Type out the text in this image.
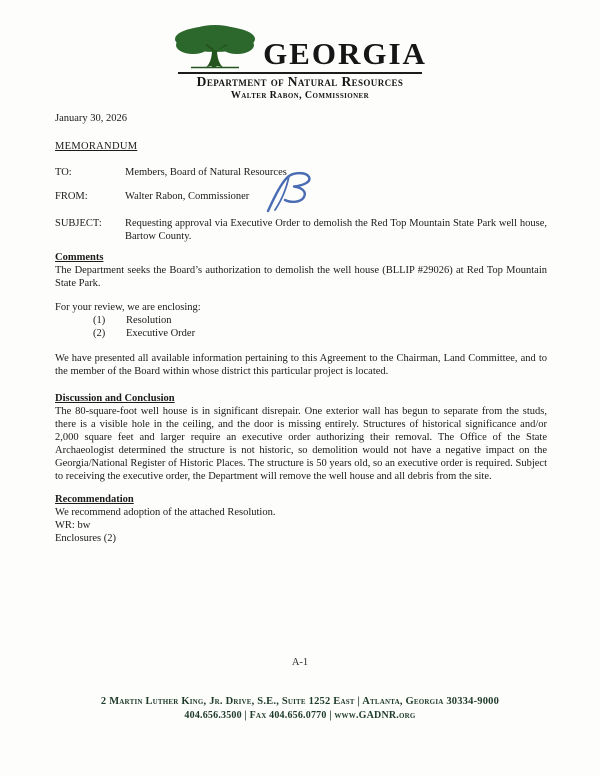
GEORGIA
Department of Natural Resources
Walter Rabon, Commissioner
January 30, 2026
MEMORANDUM
TO:	Members, Board of Natural Resources
FROM:	Walter Rabon, Commissioner
SUBJECT:	Requesting approval via Executive Order to demolish the Red Top Mountain State Park well house, Bartow County.
Comments
The Department seeks the Board’s authorization to demolish the well house (BLLIP #29026) at Red Top Mountain State Park.
For your review, we are enclosing:
(1)	Resolution
(2)	Executive Order
We have presented all available information pertaining to this Agreement to the Chairman, Land Committee, and to the member of the Board within whose district this particular project is located.
Discussion and Conclusion
The 80-square-foot well house is in significant disrepair. One exterior wall has begun to separate from the studs, there is a visible hole in the ceiling, and the door is missing entirely. Structures of historical significance and/or 2,000 square feet and larger require an executive order authorizing their removal. The Office of the State Archaeologist determined the structure is not historic, so demolition would not have a negative impact on the Georgia/National Register of Historic Places. The structure is 50 years old, so an executive order is required. Subject to receiving the executive order, the Department will remove the well house and all debris from the site.
Recommendation
We recommend adoption of the attached Resolution.
WR: bw
Enclosures (2)
A-1
2 Martin Luther King, Jr. Drive, S.E., Suite 1252 East | Atlanta, Georgia 30334-9000
404.656.3500 | Fax 404.656.0770 | www.GADNR.org
